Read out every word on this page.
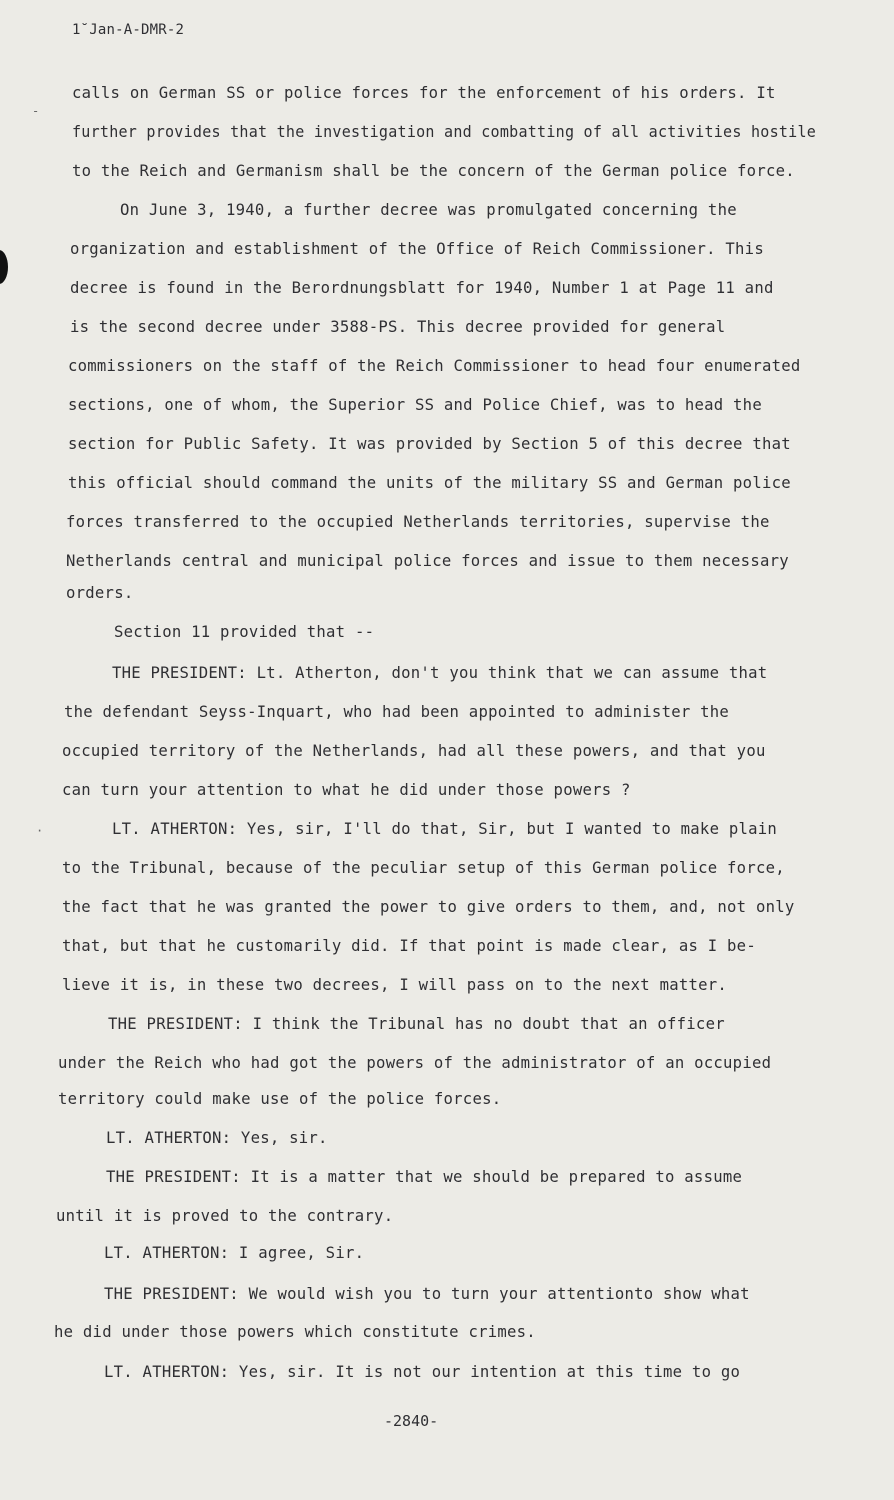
-
·
1̆ Jan-A-DMR-2
calls on German SS or police forces for the enforcement of his orders. It
further provides that the investigation and combatting of all activities hostile
to the Reich and Germanism shall be the concern of the German police force.
On June 3, 1940, a further decree was promulgated concerning the
organization and establishment of the Office of Reich Commissioner. This
decree is found in the Berordnungsblatt for 1940, Number 1 at Page 11 and
is the second decree under 3588-PS. This decree provided for general
commissioners on the staff of the Reich Commissioner to head four enumerated
sections, one of whom, the Superior SS and Police Chief, was to head the
section for Public Safety. It was provided by Section 5 of this decree that
this official should command the units of the military SS and German police
forces transferred to the occupied Netherlands territories, supervise the
Netherlands central and municipal police forces and issue to them necessary
orders.
Section 11 provided that --
THE PRESIDENT: Lt. Atherton, don't you think that we can assume that
the defendant Seyss-Inquart, who had been appointed to administer the
occupied territory of the Netherlands, had all these powers, and that you
can turn your attention to what he did under those powers ?
LT. ATHERTON: Yes, sir, I'll do that, Sir, but I wanted to make plain
to the Tribunal, because of the peculiar setup of this German police force,
the fact that he was granted the power to give orders to them, and, not only
that, but that he customarily did. If that point is made clear, as I be-
lieve it is, in these two decrees, I will pass on to the next matter.
THE PRESIDENT: I think the Tribunal has no doubt that an officer
under the Reich who had got the powers of the administrator of an occupied
territory could make use of the police forces.
LT. ATHERTON: Yes, sir.
THE PRESIDENT: It is a matter that we should be prepared to assume
until it is proved to the contrary.
LT. ATHERTON: I agree, Sir.
THE PRESIDENT: We would wish you to turn your attentionto show what
he did under those powers which constitute crimes.
LT. ATHERTON: Yes, sir. It is not our intention at this time to go
-2840-
